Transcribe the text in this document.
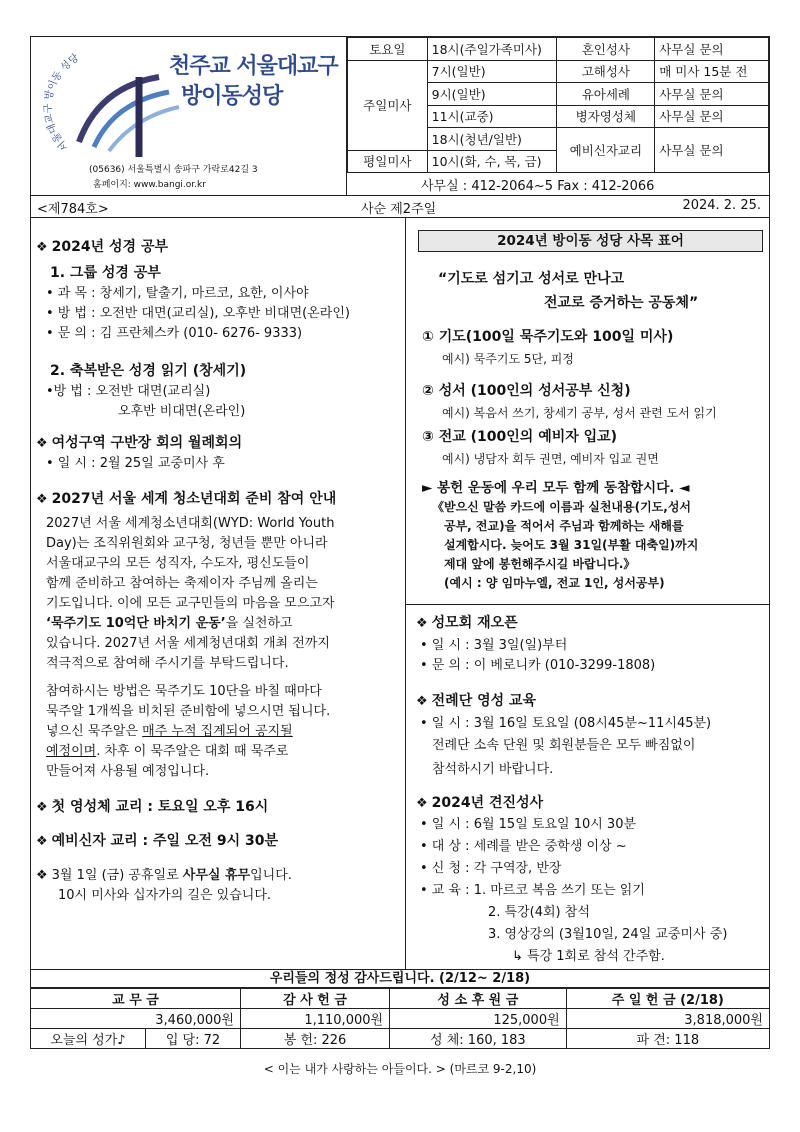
서울대교구 방이동 성당	천주교 서울대교구
방이동성당
(05636) 서울특별시 송파구 가락로42길 3
홈페이지: www.bangi.or.kr
토요일	18시(주일가족미사)	혼인성사	사무실 문의
주일미사	7시(일반)	고해성사	매 미사 15분 전
	9시(일반)	유아세례	사무실 문의
	11시(교중)	병자영성체	사무실 문의
	18시(청년/일반)	예비신자교리	사무실 문의
평일미사	10시(화, 수, 목, 금)		
사무실 : 412-2064~5 Fax : 412-2066
<제784호>	사순 제2주일	2024. 2. 25.
❖ 2024년 성경 공부
1. 그룹 성경 공부
• 과 목 : 창세기, 탈출기, 마르코, 요한, 이사야
• 방 법 : 오전반 대면(교리실), 오후반 비대면(온라인)
• 문 의 : 김 프란체스카 (010- 6276- 9333)
2. 축복받은 성경 읽기 (창세기)
•방 법 : 오전반 대면(교리실)
오후반 비대면(온라인)
❖ 여성구역 구반장 회의 월례회의
• 일 시 : 2월 25일 교중미사 후
❖ 2027년 서울 세계 청소년대회 준비 참여 안내
2027년 서울 세계청소년대회(WYD: World Youth
Day)는 조직위원회와 교구청, 청년들 뿐만 아니라
서울대교구의 모든 성직자, 수도자, 평신도들이
함께 준비하고 참여하는 축제이자 주님께 올리는
기도입니다. 이에 모든 교구민들의 마음을 모으고자
‘묵주기도 10억단 바치기 운동’을 실천하고
있습니다. 2027년 서울 세계청년대회 개최 전까지
적극적으로 참여해 주시기를 부탁드립니다.
참여하시는 방법은 묵주기도 10단을 바칠 때마다
묵주알 1개씩을 비치된 준비함에 넣으시면 됩니다.
넣으신 묵주알은 매주 누적 집계되어 공지될
예정이며. 차후 이 묵주알은 대회 때 묵주로
만들어져 사용될 예정입니다.
❖ 첫 영성체 교리 : 토요일 오후 16시
❖ 예비신자 교리 : 주일 오전 9시 30분
❖ 3월 1일 (금) 공휴일로 사무실 휴무입니다.
10시 미사와 십자가의 길은 있습니다.
2024년 방이동 성당 사목 표어
“기도로 섬기고 성서로 만나고
전교로 증거하는 공동체”
① 기도(100일 묵주기도와 100일 미사)
예시) 묵주기도 5단, 피정
② 성서 (100인의 성서공부 신청)
예시) 복음서 쓰기, 창세기 공부, 성서 관련 도서 읽기
③ 전교 (100인의 예비자 입교)
예시) 냉담자 회두 권면, 예비자 입교 권면
► 봉헌 운동에 우리 모두 함께 동참합시다. ◄
《받으신 말씀 카드에 이름과 실천내용(기도,성서
공부, 전교)을 적어서 주님과 함께하는 새해를
설계합시다. 늦어도 3월 31일(부활 대축일)까지
제대 앞에 봉헌해주시길 바랍니다.》
(예시 : 양 임마누엘, 전교 1인, 성서공부)
❖ 성모회 재오픈
• 일 시 : 3월 3일(일)부터
• 문 의 : 이 베로니카 (010-3299-1808)
❖ 전례단 영성 교육
• 일 시 : 3월 16일 토요일 (08시45분~11시45분)
전례단 소속 단원 및 회원분들은 모두 빠짐없이
참석하시기 바랍니다.
❖ 2024년 견진성사
• 일 시 : 6월 15일 토요일 10시 30분
• 대 상 : 세례를 받은 중학생 이상 ~
• 신 청 : 각 구역장, 반장
• 교 육 : 1. 마르코 복음 쓰기 또는 읽기
2. 특강(4회) 참석
3. 영상강의 (3월10일, 24일 교중미사 중)
↳ 특강 1회로 참석 간주함.
우리들의 정성 감사드립니다. (2/12~ 2/18)
교 무 금		감 사 헌 금	성 소 후 원 금	주 일 헌 금 (2/18)
3,460,000원		1,110,000원	125,000원	3,818,000원
오늘의 성가♪	입 당: 72	봉 헌: 226	성 체: 160, 183	파 견: 118
< 이는 내가 사랑하는 아들이다. > (마르코 9-2,10)
